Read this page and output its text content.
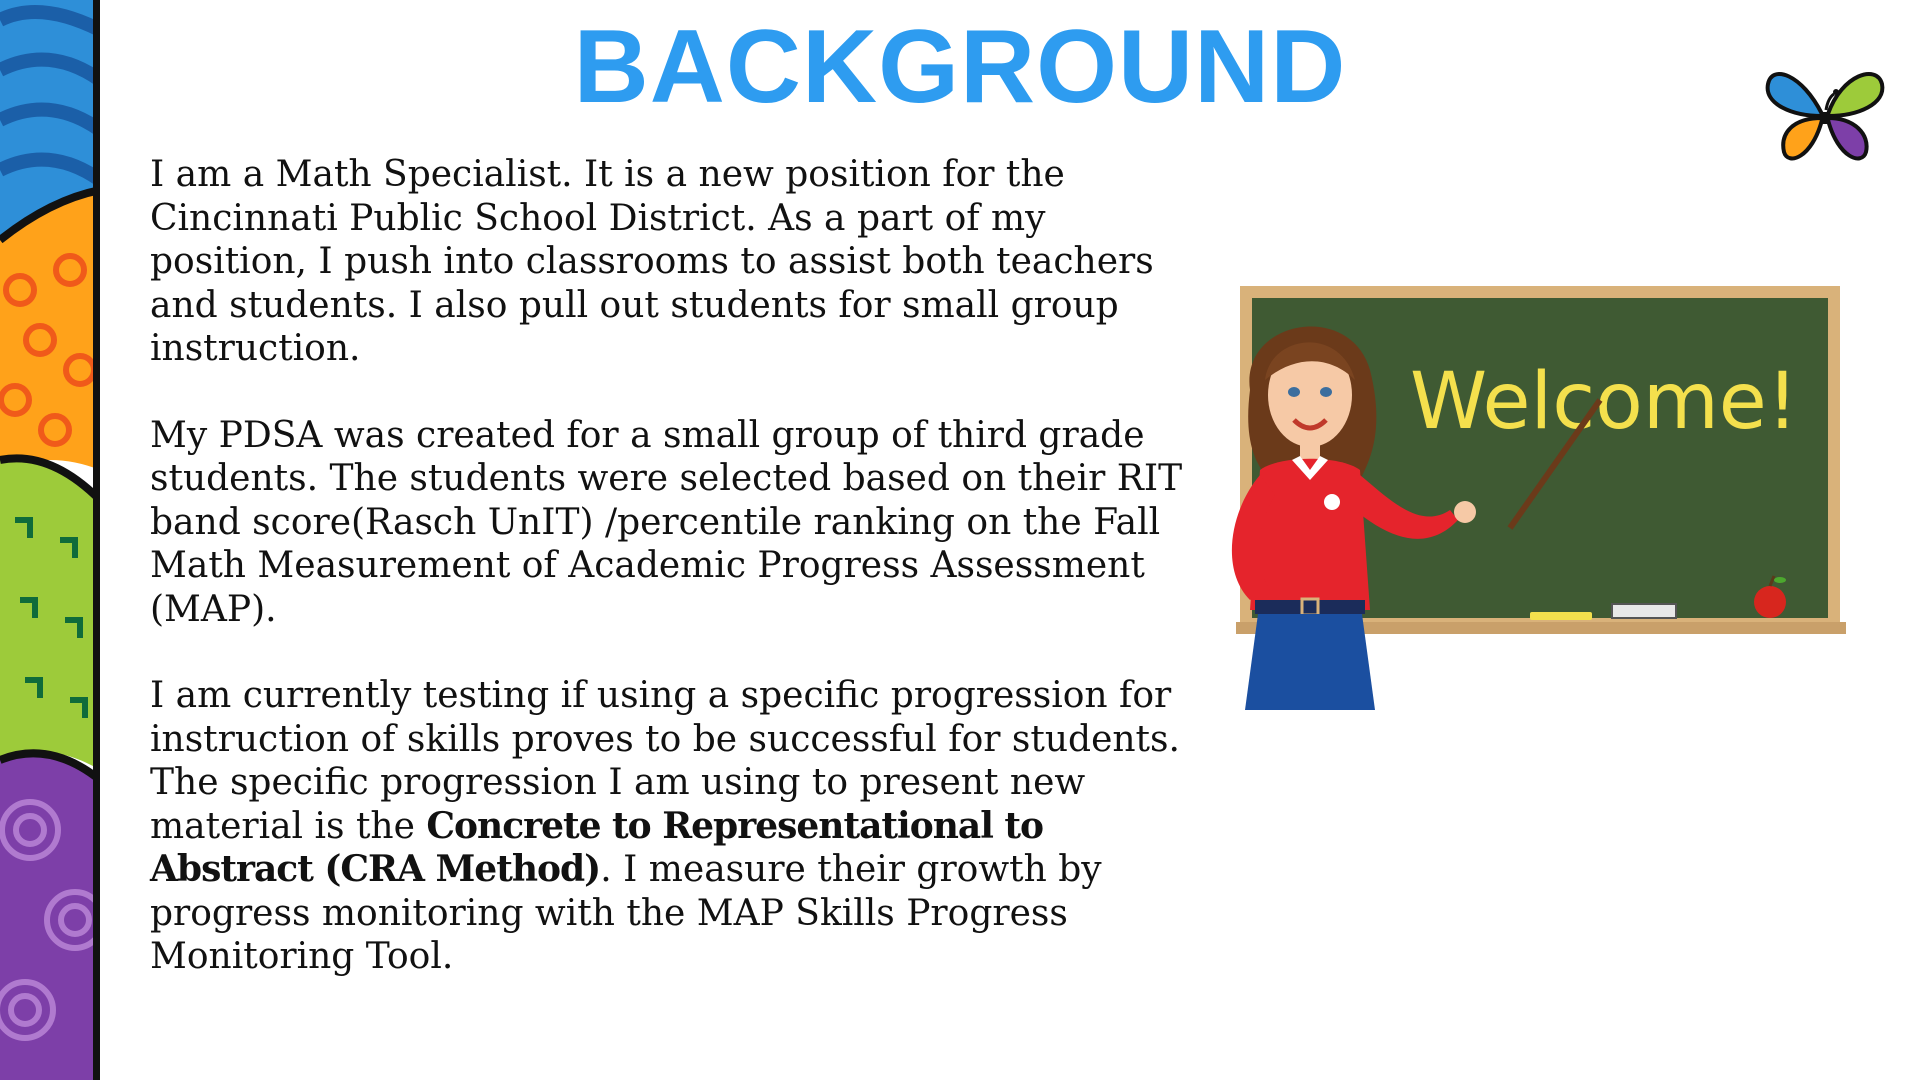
BACKGROUND

I am a Math Specialist. It is a new position for the Cincinnati Public School District. As a part of my position, I push into classrooms to assist both teachers and students. I also pull out students for small group instruction.

My PDSA was created for a small group of third grade students. The students were selected based on their RIT band score(Rasch UnIT) /percentile ranking on the Fall Math Measurement of Academic Progress Assessment (MAP).

I am currently testing if using a specific progression for instruction of skills proves to be successful for students. The specific progression I am using to present new material is the Concrete to Representational to Abstract (CRA Method). I measure their growth by progress monitoring with the MAP Skills Progress Monitoring Tool.

Welcome!
